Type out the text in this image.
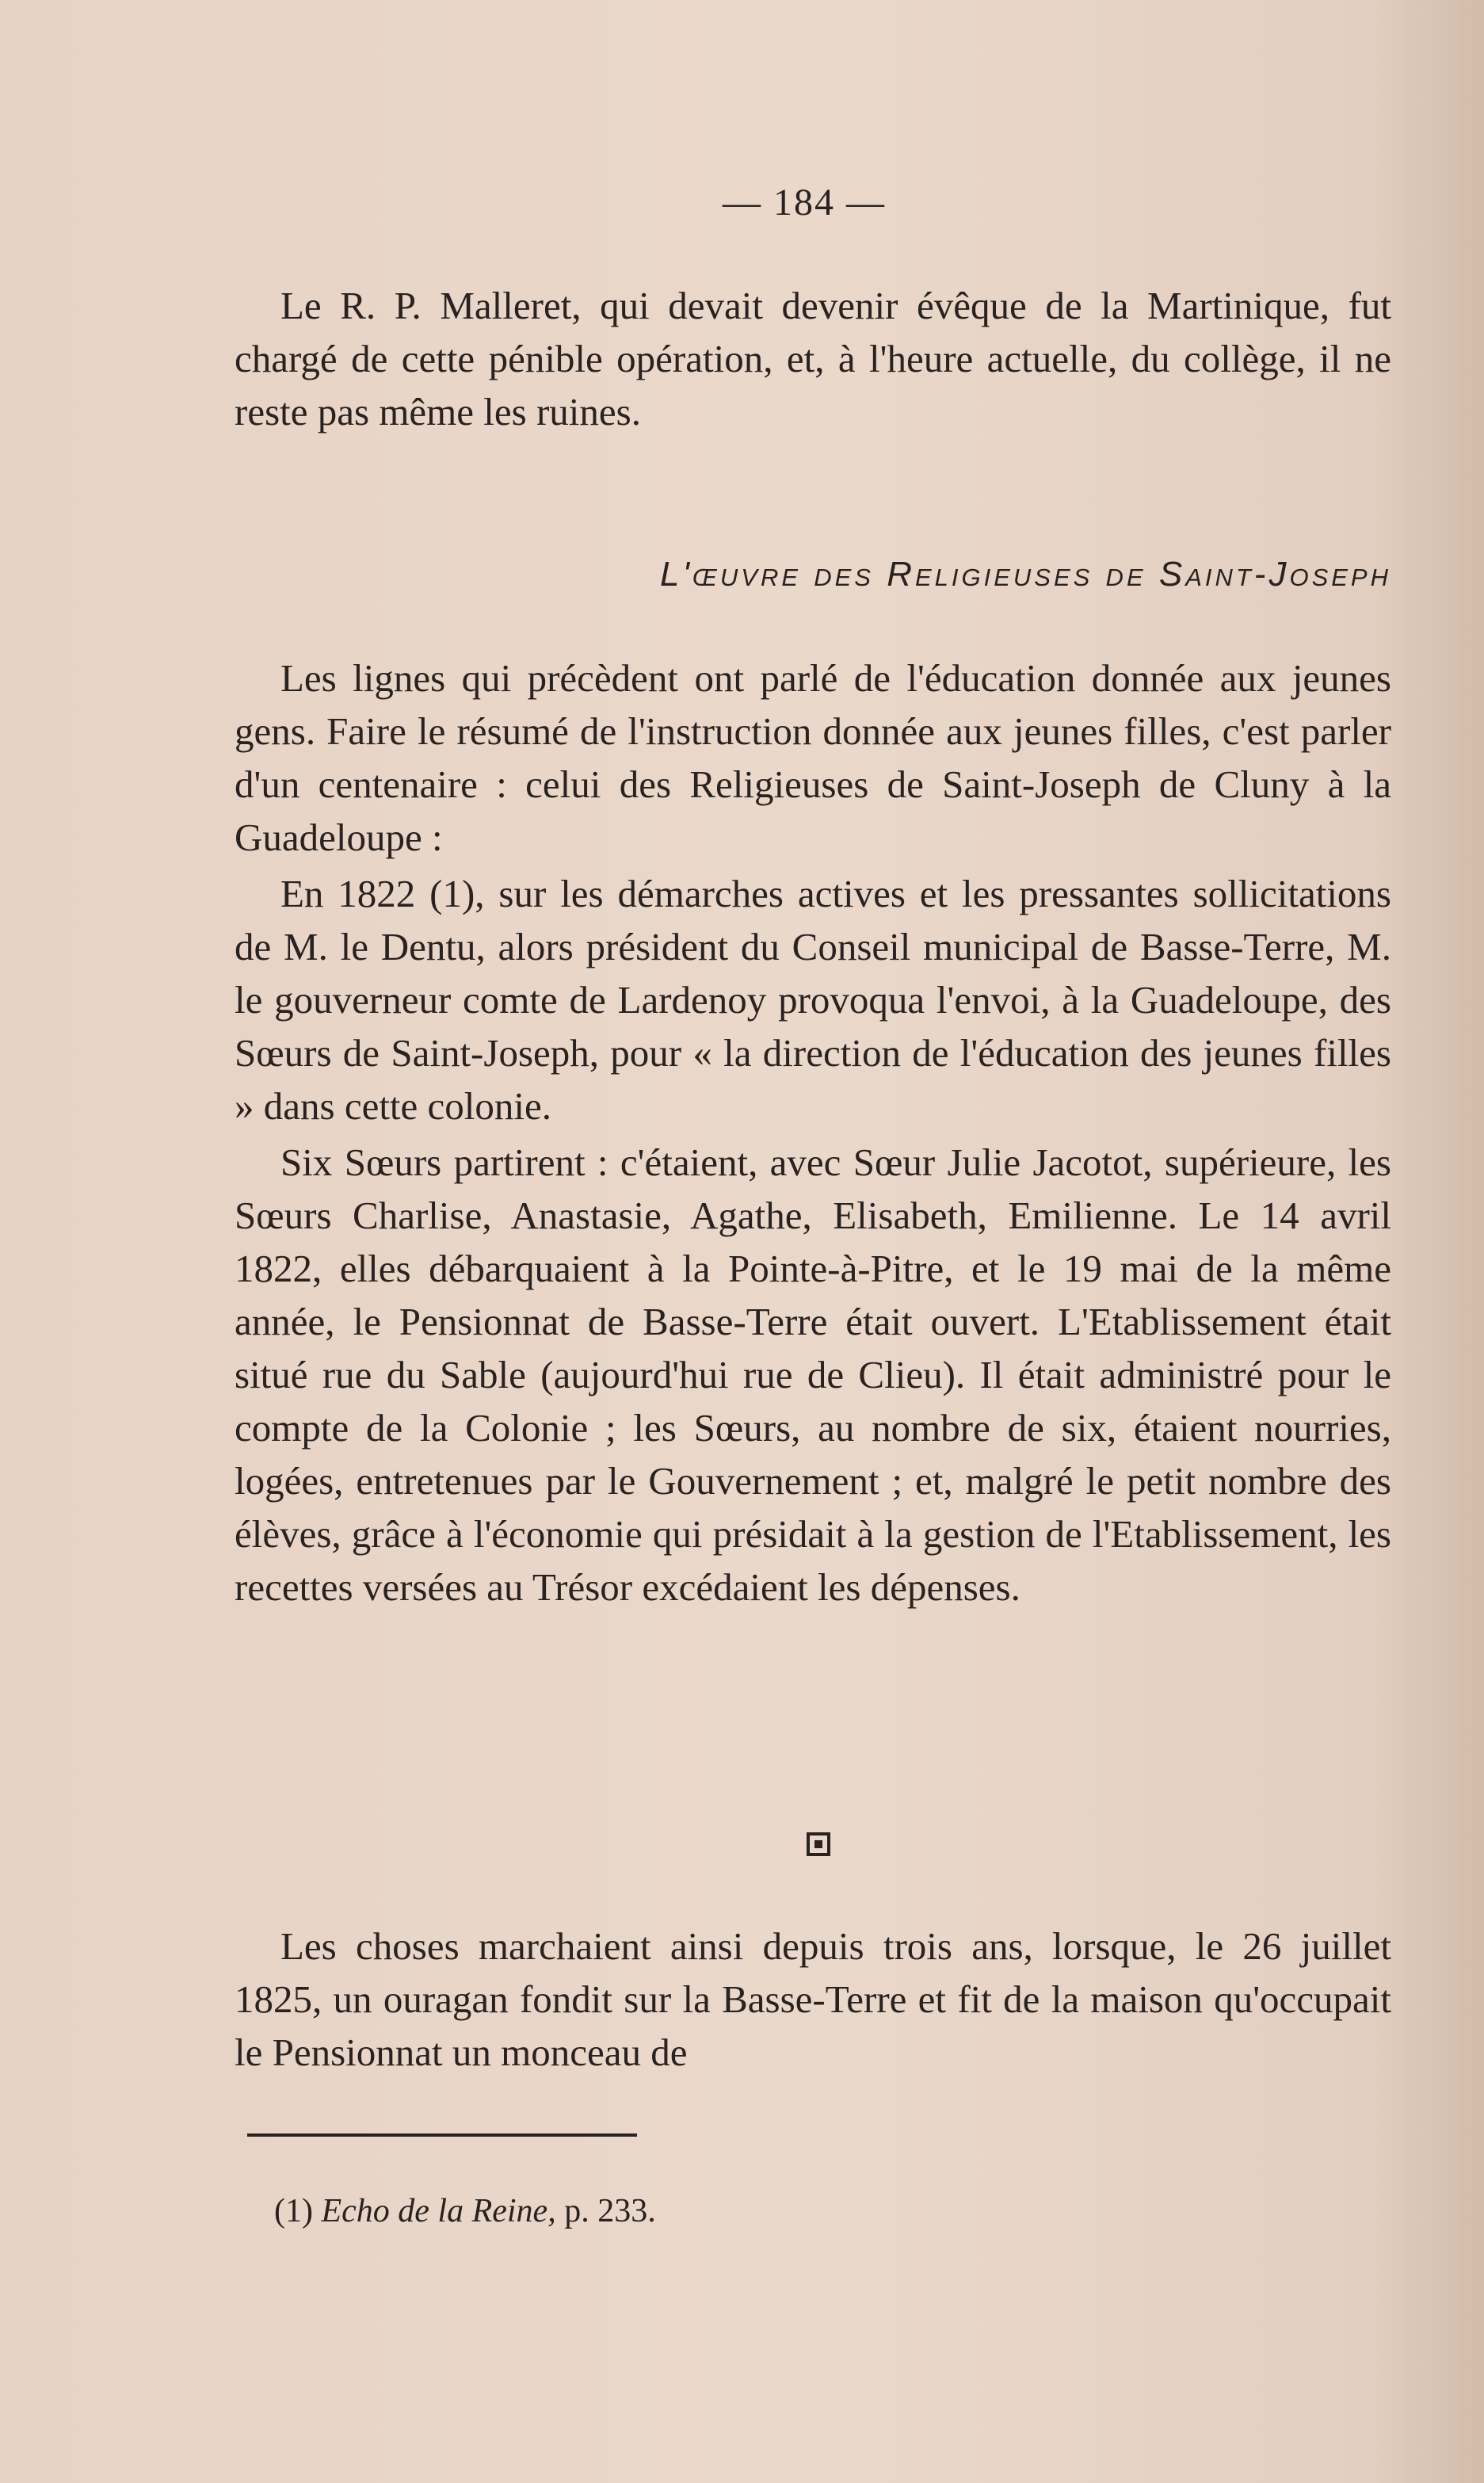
— 184 —

Le R. P. Malleret, qui devait devenir évêque de la Martinique, fut chargé de cette pénible opération, et, à l'heure actuelle, du collège, il ne reste pas même les ruines.

L'œuvre des Religieuses de Saint-Joseph

Les lignes qui précèdent ont parlé de l'éducation donnée aux jeunes gens. Faire le résumé de l'instruction donnée aux jeunes filles, c'est parler d'un centenaire : celui des Religieuses de Saint-Joseph de Cluny à la Guadeloupe :

En 1822 (1), sur les démarches actives et les pressantes sollicitations de M. le Dentu, alors président du Conseil municipal de Basse-Terre, M. le gouverneur comte de Lardenoy provoqua l'envoi, à la Guadeloupe, des Sœurs de Saint-Joseph, pour « la direction de l'éducation des jeunes filles » dans cette colonie.

Six Sœurs partirent : c'étaient, avec Sœur Julie Jacotot, supérieure, les Sœurs Charlise, Anastasie, Agathe, Elisabeth, Emilienne. Le 14 avril 1822, elles débarquaient à la Pointe-à-Pitre, et le 19 mai de la même année, le Pensionnat de Basse-Terre était ouvert. L'Etablissement était situé rue du Sable (aujourd'hui rue de Clieu). Il était administré pour le compte de la Colonie ; les Sœurs, au nombre de six, étaient nourries, logées, entretenues par le Gouvernement ; et, malgré le petit nombre des élèves, grâce à l'économie qui présidait à la gestion de l'Etablissement, les recettes versées au Trésor excédaient les dépenses.

Les choses marchaient ainsi depuis trois ans, lorsque, le 26 juillet 1825, un ouragan fondit sur la Basse-Terre et fit de la maison qu'occupait le Pensionnat un monceau de

(1) Echo de la Reine, p. 233.
